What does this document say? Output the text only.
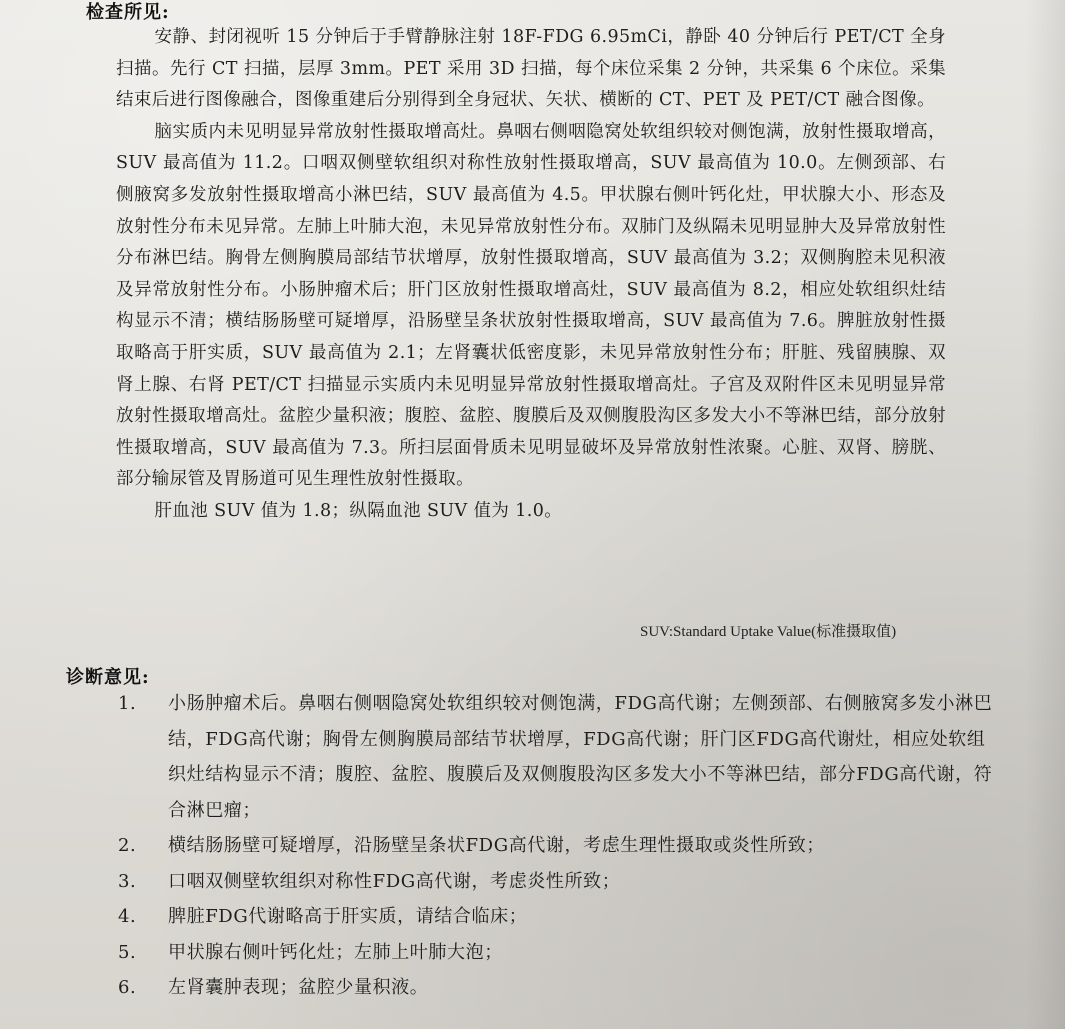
检查所见:

安静、封闭视听 15 分钟后于手臂静脉注射 18F-FDG 6.95mCi，静卧 40 分钟后行 PET/CT 全身扫描。先行 CT 扫描，层厚 3mm。PET 采用 3D 扫描，每个床位采集 2 分钟，共采集 6 个床位。采集结束后进行图像融合，图像重建后分别得到全身冠状、矢状、横断的 CT、PET 及 PET/CT 融合图像。

脑实质内未见明显异常放射性摄取增高灶。鼻咽右侧咽隐窝处软组织较对侧饱满，放射性摄取增高，SUV 最高值为 11.2。口咽双侧壁软组织对称性放射性摄取增高，SUV 最高值为 10.0。左侧颈部、右侧腋窝多发放射性摄取增高小淋巴结，SUV 最高值为 4.5。甲状腺右侧叶钙化灶，甲状腺大小、形态及放射性分布未见异常。左肺上叶肺大泡，未见异常放射性分布。双肺门及纵隔未见明显肿大及异常放射性分布淋巴结。胸骨左侧胸膜局部结节状增厚，放射性摄取增高，SUV 最高值为 3.2；双侧胸腔未见积液及异常放射性分布。小肠肿瘤术后；肝门区放射性摄取增高灶，SUV 最高值为 8.2，相应处软组织灶结构显示不清；横结肠肠壁可疑增厚，沿肠壁呈条状放射性摄取增高，SUV 最高值为 7.6。脾脏放射性摄取略高于肝实质，SUV 最高值为 2.1；左肾囊状低密度影，未见异常放射性分布；肝脏、残留胰腺、双肾上腺、右肾 PET/CT 扫描显示实质内未见明显异常放射性摄取增高灶。子宫及双附件区未见明显异常放射性摄取增高灶。盆腔少量积液；腹腔、盆腔、腹膜后及双侧腹股沟区多发大小不等淋巴结，部分放射性摄取增高，SUV 最高值为 7.3。所扫层面骨质未见明显破坏及异常放射性浓聚。心脏、双肾、膀胱、部分输尿管及胃肠道可见生理性放射性摄取。

肝血池 SUV 值为 1.8；纵隔血池 SUV 值为 1.0。

SUV:Standard Uptake Value(标准摄取值)
诊断意见:
1. 小肠肿瘤术后。鼻咽右侧咽隐窝处软组织较对侧饱满，FDG高代谢；左侧颈部、右侧腋窝多发小淋巴结，FDG高代谢；胸骨左侧胸膜局部结节状增厚，FDG高代谢；肝门区FDG高代谢灶，相应处软组织灶结构显示不清；腹腔、盆腔、腹膜后及双侧腹股沟区多发大小不等淋巴结，部分FDG高代谢，符合淋巴瘤；
2. 横结肠肠壁可疑增厚，沿肠壁呈条状FDG高代谢，考虑生理性摄取或炎性所致；
3. 口咽双侧壁软组织对称性FDG高代谢，考虑炎性所致；
4. 脾脏FDG代谢略高于肝实质，请结合临床；
5. 甲状腺右侧叶钙化灶；左肺上叶肺大泡；
6. 左肾囊肿表现；盆腔少量积液。
